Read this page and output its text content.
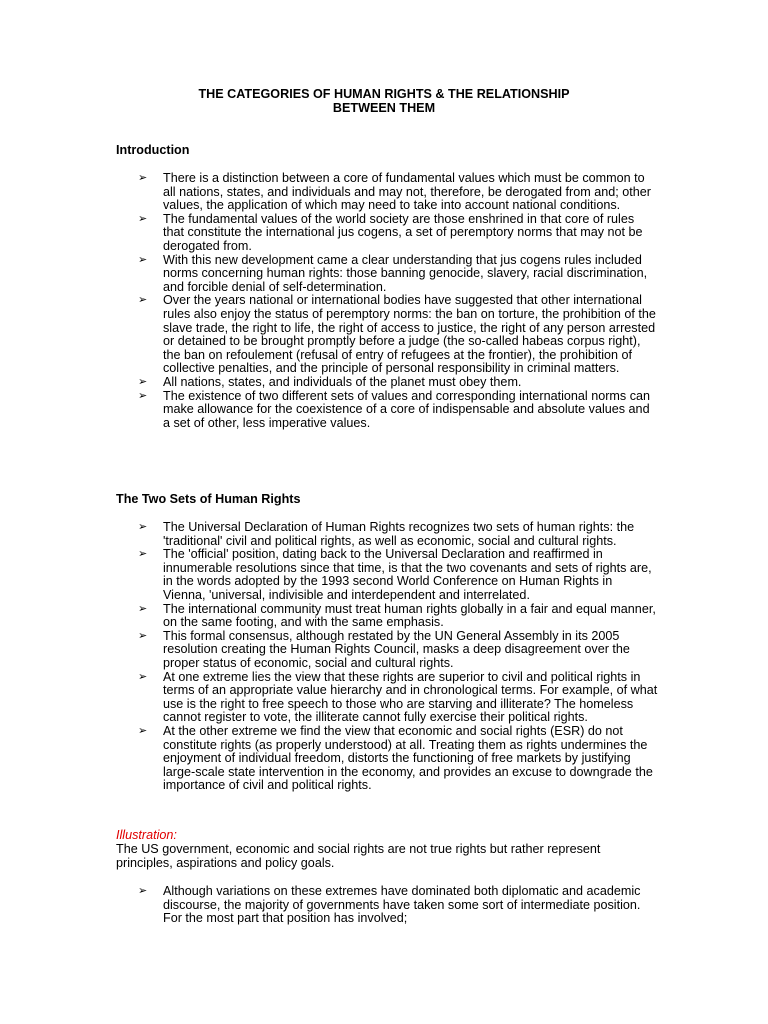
THE CATEGORIES OF HUMAN RIGHTS & THE RELATIONSHIP
BETWEEN THEM
Introduction
➢ There is a distinction between a core of fundamental values which must be common to all nations, states, and individuals and may not, therefore, be derogated from and; other values, the application of which may need to take into account national conditions.
➢ The fundamental values of the world society are those enshrined in that core of rules that constitute the international jus cogens, a set of peremptory norms that may not be derogated from.
➢ With this new development came a clear understanding that jus cogens rules included norms concerning human rights: those banning genocide, slavery, racial discrimination, and forcible denial of self-determination.
➢ Over the years national or international bodies have suggested that other international rules also enjoy the status of peremptory norms: the ban on torture, the prohibition of the slave trade, the right to life, the right of access to justice, the right of any person arrested or detained to be brought promptly before a judge (the so-called habeas corpus right), the ban on refoulement (refusal of entry of refugees at the frontier), the prohibition of collective penalties, and the principle of personal responsibility in criminal matters.
➢ All nations, states, and individuals of the planet must obey them.
➢ The existence of two different sets of values and corresponding international norms can make allowance for the coexistence of a core of indispensable and absolute values and a set of other, less imperative values.
The Two Sets of Human Rights
➢ The Universal Declaration of Human Rights recognizes two sets of human rights: the 'traditional' civil and political rights, as well as economic, social and cultural rights.
➢ The 'official' position, dating back to the Universal Declaration and reaffirmed in innumerable resolutions since that time, is that the two covenants and sets of rights are, in the words adopted by the 1993 second World Conference on Human Rights in Vienna, 'universal, indivisible and interdependent and interrelated.
➢ The international community must treat human rights globally in a fair and equal manner, on the same footing, and with the same emphasis.
➢ This formal consensus, although restated by the UN General Assembly in its 2005 resolution creating the Human Rights Council, masks a deep disagreement over the proper status of economic, social and cultural rights.
➢ At one extreme lies the view that these rights are superior to civil and political rights in terms of an appropriate value hierarchy and in chronological terms. For example, of what use is the right to free speech to those who are starving and illiterate? The homeless cannot register to vote, the illiterate cannot fully exercise their political rights.
➢ At the other extreme we find the view that economic and social rights (ESR) do not constitute rights (as properly understood) at all. Treating them as rights undermines the enjoyment of individual freedom, distorts the functioning of free markets by justifying large-scale state intervention in the economy, and provides an excuse to downgrade the importance of civil and political rights.
Illustration:
The US government, economic and social rights are not true rights but rather represent principles, aspirations and policy goals.
➢ Although variations on these extremes have dominated both diplomatic and academic discourse, the majority of governments have taken some sort of intermediate position. For the most part that position has involved;
